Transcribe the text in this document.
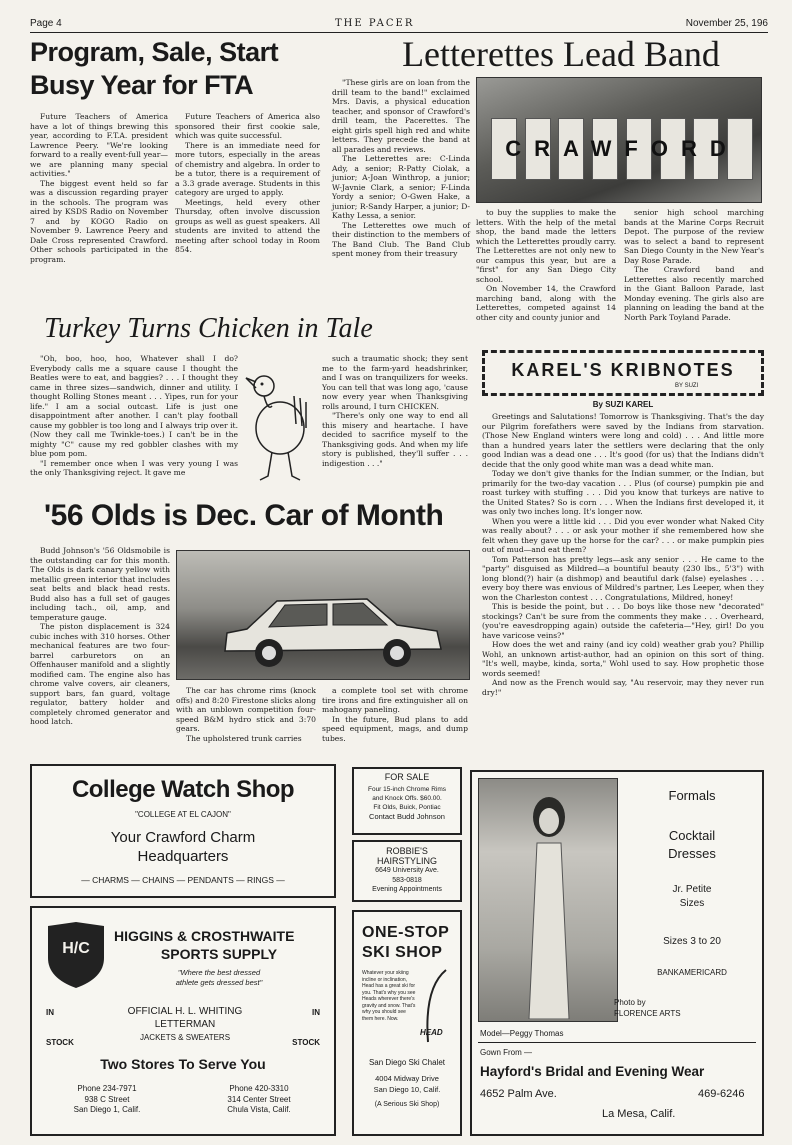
Page 4	THE PACER	November 25, 196
Program, Sale, Start
Busy Year for FTA

Future Teachers of America have a lot of things brewing this year, according to F.T.A. president Lawrence Peery. "We're looking forward to a really event-full year—we are planning many special activities."

The biggest event held so far was a discussion regarding prayer in the schools. The program was aired by KSDS Radio on November 7 and by KOGO Radio on November 9. Lawrence Peery and Dale Cross represented Crawford. Other schools participated in the program.

Future Teachers of America also sponsored their first cookie sale, which was quite successful.

There is an immediate need for more tutors, especially in the areas of chemistry and algebra. In order to be a tutor, there is a requirement of a 3.3 grade average. Students in this category are urged to apply.

Meetings, held every other Thursday, often involve discussion groups as well as guest speakers. All students are invited to attend the meeting after school today in Room 854.

Letterettes Lead Band
CRAWFORD

"These girls are on loan from the drill team to the band!" exclaimed Mrs. Davis, a physical education teacher, and sponsor of Crawford's drill team, the Pacerettes. The eight girls spell high red and white letters. They precede the band at all parades and reviews.

The Letterettes are: C-Linda Ady, a senior; R-Patty Ciolak, a junior; A-Joan Winthrop, a junior; W-Javnie Clark, a senior; F-Linda Yordy a senior; O-Gwen Hake, a junior; R-Sandy Harper, a junior; D-Kathy Lessa, a senior.

The Letterettes owe much of their distinction to the members of The Band Club. The Band Club spent money from their treasury

to buy the supplies to make the letters. With the help of the metal shop, the band made the letters which the Letterettes proudly carry. The Letterettes are not only new to our campus this year, but are a "first" for any San Diego City school.

On November 14, the Crawford marching band, along with the Letterettes, competed against 14 other city and county junior and

senior high school marching bands at the Marine Corps Recruit Depot. The purpose of the review was to select a band to represent San Diego County in the New Year's Day Rose Parade.

The Crawford band and Letterettes also recently marched in the Giant Balloon Parade, last Monday evening. The girls also are planning on leading the band at the North Park Toyland Parade.

Turkey Turns Chicken in Tale

"Oh, boo, hoo, hoo, Whatever shall I do? Everybody calls me a square cause I thought the Beatles were to eat, and baggies? . . . I thought they came in three sizes—sandwich, dinner and utility. I thought Rolling Stones meant . . . Yipes, run for your life." I am a social outcast. Life is just one disappointment after another. I can't play football cause my gobbler is too long and I always trip over it. (Now they call me Twinkle-toes.) I can't be in the mighty "C" cause my red gobbler clashes with my blue pom pom.

"I remember once when I was very young I was the only Thanksgiving reject. It gave me

such a traumatic shock; they sent me to the farm-yard headshrinker, and I was on tranquilizers for weeks. You can tell that was long ago, 'cause now every year when Thanksgiving rolls around, I turn CHICKEN.

"There's only one way to end all this misery and heartache. I have decided to sacrifice myself to the Thanksgiving gods. And when my life story is published, they'll suffer . . . indigestion . . ."

'56 Olds is Dec. Car of Month

Budd Johnson's '56 Oldsmobile is the outstanding car for this month. The Olds is dark canary yellow with metallic green interior that includes seat belts and black head rests. Budd also has a full set of gauges including tach., oil, amp, and temperature gauge.

The piston displacement is 324 cubic inches with 310 horses. Other mechanical features are two four-barrel carburetors on an Offenhauser manifold and a slightly modified cam. The engine also has chrome valve covers, air cleaners, support bars, fan guard, voltage regulator, battery holder and completely chromed generator and hood latch.

The car has chrome rims (knock offs) and 8:20 Firestone slicks along with an unblown competition four-speed B&M hydro stick and 3:70 gears.

The upholstered trunk carries

a complete tool set with chrome tire irons and fire extinguisher all on mahogany paneling.

In the future, Bud plans to add speed equipment, mags, and dump tubes.

KAREL'S KRIBNOTES
BY SUZI
By SUZI KAREL

Greetings and Salutations! Tomorrow is Thanksgiving. That's the day our Pilgrim forefathers were saved by the Indians from starvation. (Those New England winters were long and cold) . . . And little more than a hundred years later the settlers were declaring that the only good Indian was a dead one . . . It's good (for us) that the Indians didn't decide that the only good white man was a dead white man.

Today we don't give thanks for the Indian summer, or the Indian, but primarily for the two-day vacation . . . Plus (of course) pumpkin pie and roast turkey with stuffing . . . Did you know that turkeys are native to the United States? So is corn . . . When the Indians first developed it, it was only two inches long. It's longer now.

When you were a little kid . . . Did you ever wonder what Naked City was really about? . . . or ask your mother if she remembered how she felt when they gave up the horse for the car? . . . or make pumpkin pies out of mud—and eat them?

Tom Patterson has pretty legs—ask any senior . . . He came to the "party" disguised as Mildred—a bountiful beauty (230 lbs., 5'3") with long blond(?) hair (a dishmop) and beautiful dark (false) eyelashes . . . every boy there was envious of Mildred's partner, Les Leeper, when they won the Charleston contest . . . Congratulations, Mildred, honey!

This is beside the point, but . . . Do boys like those new "decorated" stockings? Can't be sure from the comments they make . . . Overheard, (you're eavesdropping again) outside the cafeteria—"Hey, girl! Do you have varicose veins?"

How does the wet and rainy (and icy cold) weather grab you? Phillip Wohl, an unknown artist-author, had an opinion on this sort of thing. "It's well, maybe, kinda, sorta," Wohl used to say. How prophetic those words seemed!

And now as the French would say, "Au reservoir, may they never run dry!"

College Watch Shop
"COLLEGE AT EL CAJON"
Your Crawford Charm
Headquarters
— CHARMS — CHAINS — PENDANTS — RINGS —
FOR SALE
Four 15-inch Chrome Rims
and Knock Offs. $60.00.
Fit Olds, Buick, Pontiac
Contact Budd Johnson
ROBBIE'S
HAIRSTYLING
6649 University Ave.
583-0818
Evening Appointments
H/C
HIGGINS & CROSTHWAITE
SPORTS SUPPLY
"Where the best dressed
athlete gets dressed best"
IN	IN
OFFICIAL H. L. WHITING
LETTERMAN
STOCK	STOCK
JACKETS & SWEATERS
Two Stores To Serve You
Phone 234-7971
938 C Street
San Diego 1, Calif.
Phone 420-3310
314 Center Street
Chula Vista, Calif.
ONE-STOP
SKI SHOP
Whatever your skiing incline or inclination, Head has a great ski for you. That's why you see Heads wherever there's gravity and snow. That's why you should see them here. Now.
HEAD
San Diego Ski Chalet
4004 Midway Drive
San Diego 10, Calif.
(A Serious Ski Shop)
Formals
Cocktail
Dresses
Jr. Petite
Sizes
Sizes 3 to 20
BANKAMERICARD
Photo by
FLORENCE ARTS
Model—Peggy Thomas
Gown From —
Hayford's Bridal and Evening Wear
4652 Palm Ave.	469-6246
La Mesa, Calif.
